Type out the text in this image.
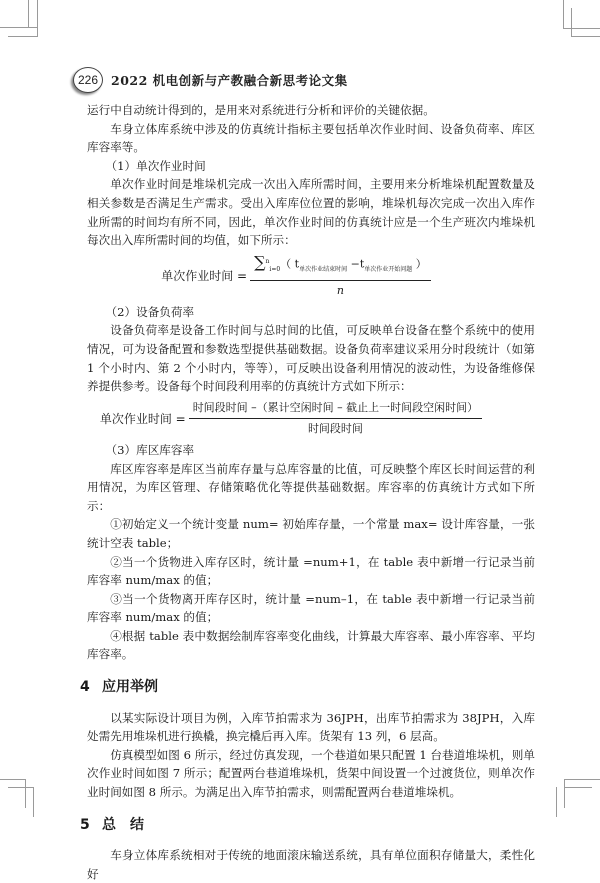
226	2022 机电创新与产教融合新思考论文集

运行中自动统计得到的，是用来对系统进行分析和评价的关键依据。

车身立体库系统中涉及的仿真统计指标主要包括单次作业时间、设备负荷率、库区库容率等。

（1）单次作业时间

单次作业时间是堆垛机完成一次出入库所需时间，主要用来分析堆垛机配置数量及相关参数是否满足生产需求。受出入库库位位置的影响，堆垛机每次完成一次出入库作业所需的时间均有所不同，因此，单次作业时间的仿真统计应是一个生产班次内堆垛机每次出入库所需时间的均值，如下所示：

单次作业时间 = $\frac{\sum^n_{i=0}( t_{单次作业结束时间} -t_{单次作业开始问题} )}{n}$

（2）设备负荷率

设备负荷率是设备工作时间与总时间的比值，可反映单台设备在整个系统中的使用情况，可为设备配置和参数选型提供基础数据。设备负荷率建议采用分时段统计（如第 1 个小时内、第 2 个小时内，等等），可反映出设备利用情况的波动性，为设备维修保养提供参考。设备每个时间段利用率的仿真统计方式如下所示：

单次作业时间 = $\frac{\text{时间段时间 –（累计空闲时间 – 截止上一时间段空闲时间）}}{\text{时间段时间}}$

（3）库区库容率

库区库容率是库区当前库存量与总库容量的比值，可反映整个库区长时间运营的利用情况，为库区管理、存储策略优化等提供基础数据。库容率的仿真统计方式如下所示：

①初始定义一个统计变量 num= 初始库存量，一个常量 max= 设计库容量，一张统计空表 table；

②当一个货物进入库存区时，统计量 =num+1，在 table 表中新增一行记录当前库容率 num/max 的值；

③当一个货物离开库存区时，统计量 =num–1，在 table 表中新增一行记录当前库容率 num/max 的值；

④根据 table 表中数据绘制库容率变化曲线，计算最大库容率、最小库容率、平均库容率。

4 应用举例

以某实际设计项目为例，入库节拍需求为 36JPH，出库节拍需求为 38JPH，入库处需先用堆垛机进行换橇，换完橇后再入库。货架有 13 列，6 层高。

仿真模型如图 6 所示，经过仿真发现，一个巷道如果只配置 1 台巷道堆垛机，则单次作业时间如图 7 所示；配置两台巷道堆垛机，货架中间设置一个过渡货位，则单次作业时间如图 8 所示。为满足出入库节拍需求，则需配置两台巷道堆垛机。

5 总　结

车身立体库系统相对于传统的地面滚床输送系统，具有单位面积存储量大，柔性化好
